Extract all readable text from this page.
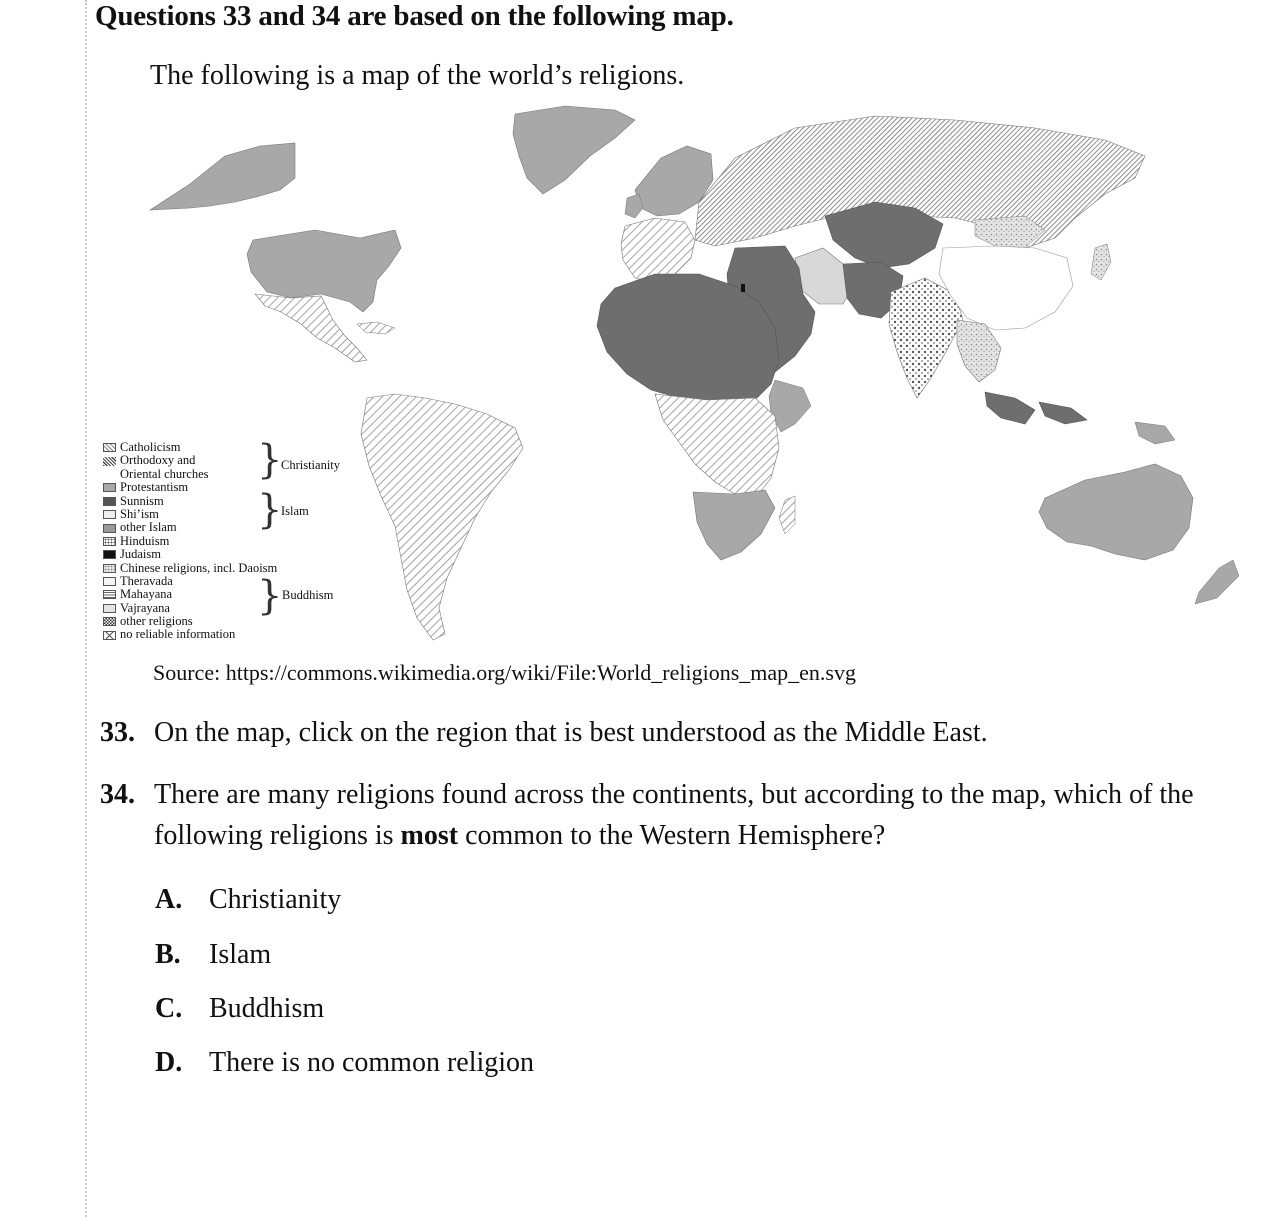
Questions 33 and 34 are based on the following map.

The following is a map of the world’s religions.

Catholicism
Orthodoxy and
Oriental churches
Protestantism
Sunnism
Shi’ism
other Islam
Hinduism
Judaism
Chinese religions, incl. Daoism
Theravada
Mahayana
Vajrayana
other religions
no reliable information
}
Christianity
}
Islam
} Buddhism

Source: https://commons.wikimedia.org/wiki/File:World_religions_map_en.svg

33. On the map, click on the region that is best understood as the Middle East.
34. There are many religions found across the continents, but according to the map, which of the
following religions is most common to the Western Hemisphere?
A. Christianity
B. Islam
C. Buddhism
D. There is no common religion
